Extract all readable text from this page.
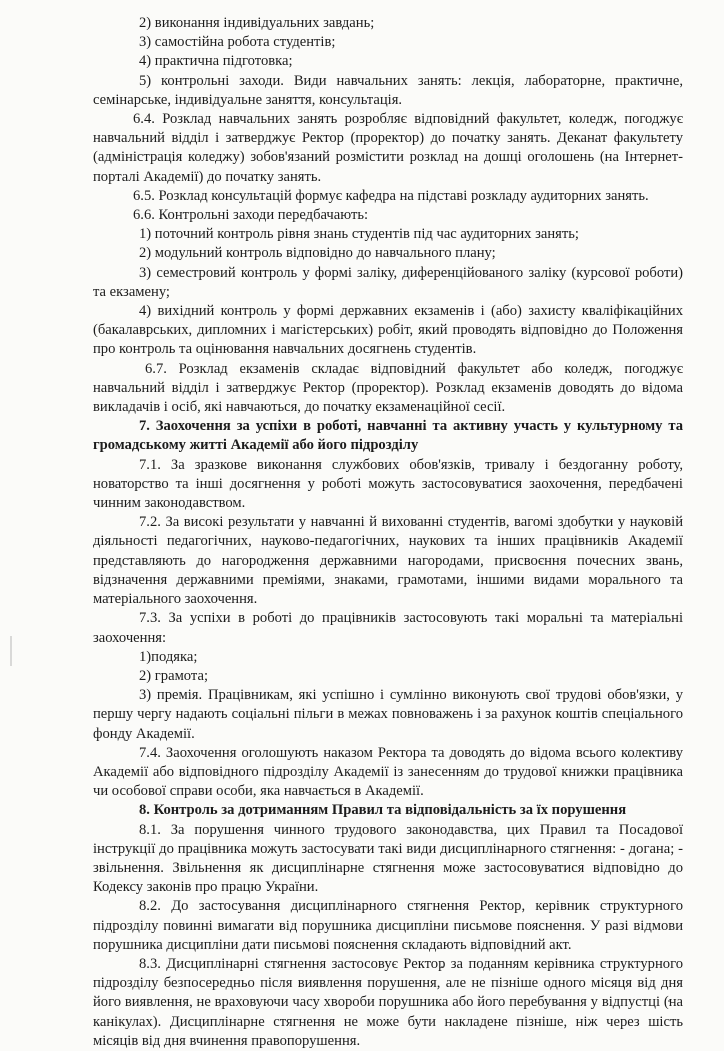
2) виконання індивідуальних завдань;

3) самостійна робота студентів;

4) практична підготовка;

5) контрольні заходи. Види навчальних занять: лекція, лабораторне, практичне, семінарське, індивідуальне заняття, консультація.

6.4. Розклад навчальних занять розробляє відповідний факультет, коледж, погоджує навчальний відділ і затверджує Ректор (проректор) до початку занять. Деканат факультету (адміністрація коледжу) зобов'язаний розмістити розклад на дошці оголошень (на Інтернет-порталі Академії) до початку занять.

6.5. Розклад консультацій формує кафедра на підставі розкладу аудиторних занять.

6.6. Контрольні заходи передбачають:

1) поточний контроль рівня знань студентів під час аудиторних занять;

2) модульний контроль відповідно до навчального плану;

3) семестровий контроль у формі заліку, диференційованого заліку (курсової роботи) та екзамену;

4) вихідний контроль у формі державних екзаменів і (або) захисту кваліфікаційних (бакалаврських, дипломних і магістерських) робіт, який проводять відповідно до Положення про контроль та оцінювання навчальних досягнень студентів.

6.7. Розклад екзаменів складає відповідний факультет або коледж, погоджує навчальний відділ і затверджує Ректор (проректор). Розклад екзаменів доводять до відома викладачів і осіб, які навчаються, до початку екзаменаційної сесії.

7. Заохочення за успіхи в роботі, навчанні та активну участь у культурному та громадському житті Академії або його підрозділу

7.1. За зразкове виконання службових обов'язків, тривалу і бездоганну роботу, новаторство та інші досягнення у роботі можуть застосовуватися заохочення, передбачені чинним законодавством.

7.2. За високі результати у навчанні й вихованні студентів, вагомі здобутки у науковій діяльності педагогічних, науково-педагогічних, наукових та інших працівників Академії представляють до нагородження державними нагородами, присвоєння почесних звань, відзначення державними преміями, знаками, грамотами, іншими видами морального та матеріального заохочення.

7.3. За успіхи в роботі до працівників застосовують такі моральні та матеріальні заохочення:

1)подяка;

2) грамота;

3) премія. Працівникам, які успішно і сумлінно виконують свої трудові обов'язки, у першу чергу надають соціальні пільги в межах повноважень і за рахунок коштів спеціального фонду Академії.

7.4. Заохочення оголошують наказом Ректора та доводять до відома всього колективу Академії або відповідного підрозділу Академії із занесенням до трудової книжки працівника чи особової справи особи, яка навчається в Академії.

8. Контроль за дотриманням Правил та відповідальність за їх порушення

8.1. За порушення чинного трудового законодавства, цих Правил та Посадової інструкції до працівника можуть застосувати такі види дисциплінарного стягнення: - догана; - звільнення. Звільнення як дисциплінарне стягнення може застосовуватися відповідно до Кодексу законів про працю України.

8.2. До застосування дисциплінарного стягнення Ректор, керівник структурного підрозділу повинні вимагати від порушника дисципліни письмове пояснення. У разі відмови порушника дисципліни дати письмові пояснення складають відповідний акт.

8.3. Дисциплінарні стягнення застосовує Ректор за поданням керівника структурного підрозділу безпосередньо після виявлення порушення, але не пізніше одного місяця від дня його виявлення, не враховуючи часу хвороби порушника або його перебування у відпустці (на канікулах). Дисциплінарне стягнення не може бути накладене пізніше, ніж через шість місяців від дня вчинення правопорушення.
